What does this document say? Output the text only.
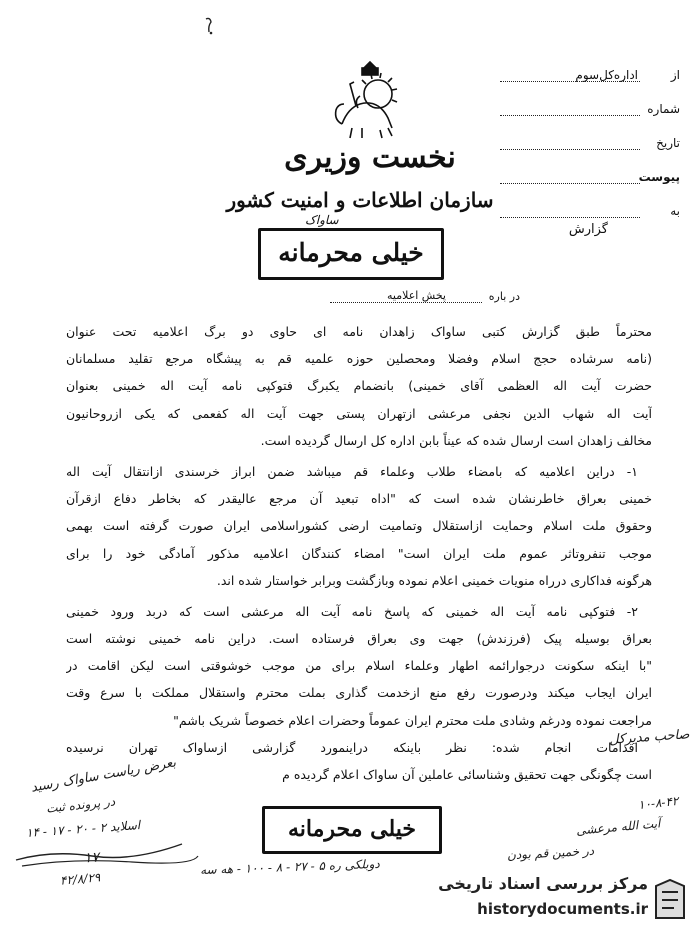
از
اداره‌کل‌سوم
شماره
تاریخ
پیوست
به
گزارش
نخست وزیری
سازمان اطلاعات و امنیت کشور
ساواک
خیلی محرمانه
در باره
پخش اعلامیه
محترماً طبق گزارش کتبی ساواک زاهدان نامه ای حاوی دو برگ اعلامیه تحت عنوان
(نامه سرشاده حجج اسلام وفضلا ومحصلین حوزه علمیه قم به پیشگاه مرجع تقلید مسلمانان
حضرت آیت اله العظمی آقای خمینی) بانضمام یکبرگ فتوکپی نامه آیت اله خمینی بعنوان
آیت اله شهاب الدین نجفی مرعشی ازتهران پستی جهت آیت اله کفعمی که یکی ازروحانیون
مخالف زاهدان است ارسال شده که عیناً بابن اداره کل ارسال گردیده است.
۱- دراین اعلامیه که بامضاء طلاب وعلماء قم میباشد ضمن ابراز خرسندی ازانتقال آیت اله
خمینی بعراق خاطرنشان شده است که "اداه تبعید آن مرجع عالیقدر که بخاطر دفاع ازقرآن
وحقوق ملت اسلام وحمایت ازاستقلال وتمامیت ارضی کشوراسلامی ایران صورت گرفته است بهمی
موجب تنفروتاثر عموم ملت ایران است" امضاء کنندگان اعلامیه مذکور آمادگی خود را برای
هرگونه فداکاری درراه منویات خمینی اعلام نموده وبازگشت وبرابر خواستار شده اند.
۲- فتوکپی نامه آیت اله خمینی که پاسخ نامه آیت اله مرعشی است که دربد ورود خمینی
بعراق بوسیله پیک (فرزندش) جهت وی بعراق فرستاده است. دراین نامه خمینی نوشته است
"با اینکه سکونت درجوارائمه اطهار وعلماء اسلام برای من موجب خوشوقتی است لیکن اقامت در
ایران ایجاب میکند ودرصورت رفع منع ازخدمت گذاری بملت محترم واستقلال مملکت با سرع وقت
مراجعت نموده ودرغم وشادی ملت محترم ایران عموماً وحضرات اعلام خصوصاً شریک باشم"
اقدامات انجام شده: نظر باینکه دراینمورد گزارشی ازساواک تهران نرسیده
است چگونگی جهت تحقیق وشناسائی عاملین آن ساواک اعلام گردیده م
خیلی محرمانه
صاحب مدیرکل
۱۰-۸-۴۲
آیت الله مرعشی
در خمین قم بودن
بعرض ریاست ساواک رسید
در پرونده ثبت
اسلاید ۲ - ۲۰ - ۱۷ - ۱۴
۱۷
۴۲/۸/۲۹
دوبلکی ره ۵ - ۲۷ - ۸ - ۱۰۰ - هه سه
مرکز بررسی اسناد تاریخی
historydocuments.ir
